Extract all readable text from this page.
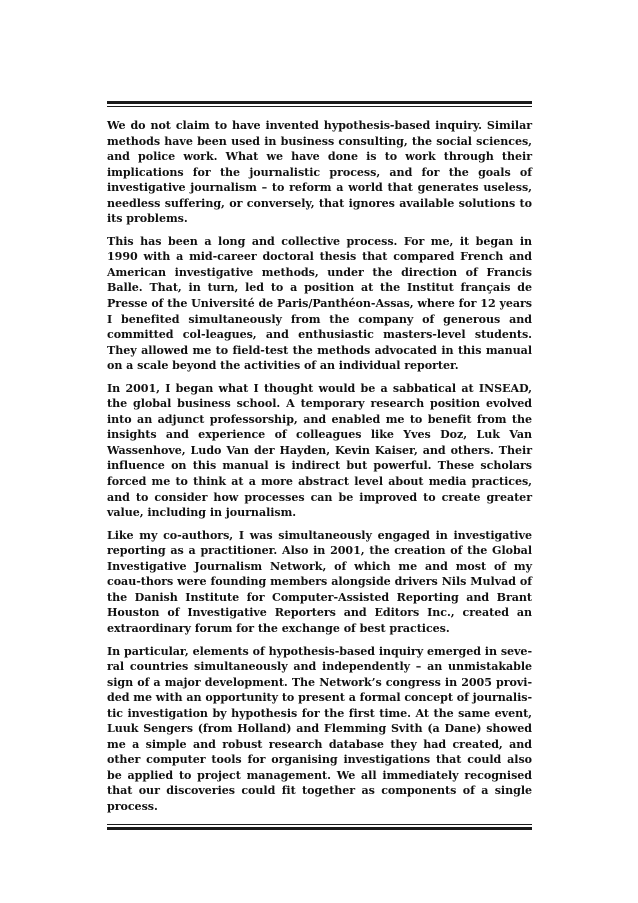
We do not claim to have invented hypothesis-based inquiry. Similar methods have been used in business consulting, the social sciences, and police work. What we have done is to work through their implications for the journalistic process, and for the goals of investigative journalism – to reform a world that generates useless, needless suffering, or conversely, that ignores available solutions to its problems.

This has been a long and collective process. For me, it began in 1990 with a mid-career doctoral thesis that compared French and American investigative methods, under the direction of Francis Balle. That, in turn, led to a position at the Institut français de Presse of the Université de Paris/Panthéon-Assas, where for 12 years I benefited simultaneously from the company of generous and committed col-leagues, and enthusiastic masters-level students. They allowed me to field-test the methods advocated in this manual on a scale beyond the activities of an individual reporter.

In 2001, I began what I thought would be a sabbatical at INSEAD, the global business school. A temporary research position evolved into an adjunct professorship, and enabled me to benefit from the insights and experience of colleagues like Yves Doz, Luk Van Wassenhove, Ludo Van der Hayden, Kevin Kaiser, and others. Their influence on this manual is indirect but powerful. These scholars forced me to think at a more abstract level about media practices, and to consider how processes can be improved to create greater value, including in journalism.

Like my co-authors, I was simultaneously engaged in investigative reporting as a practitioner. Also in 2001, the creation of the Global Investigative Journalism Network, of which me and most of my coau-thors were founding members alongside drivers Nils Mulvad of the Danish Institute for Computer-Assisted Reporting and Brant Houston of Investigative Reporters and Editors Inc., created an extraordinary forum for the exchange of best practices.

In particular, elements of hypothesis-based inquiry emerged in seve-ral countries simultaneously and independently – an unmistakable sign of a major development. The Network’s congress in 2005 provi-ded me with an opportunity to present a formal concept of journalis-tic investigation by hypothesis for the first time. At the same event, Luuk Sengers (from Holland) and Flemming Svith (a Dane) showed me a simple and robust research database they had created, and other computer tools for organising investigations that could also be applied to project management. We all immediately recognised that our discoveries could fit together as components of a single process.
